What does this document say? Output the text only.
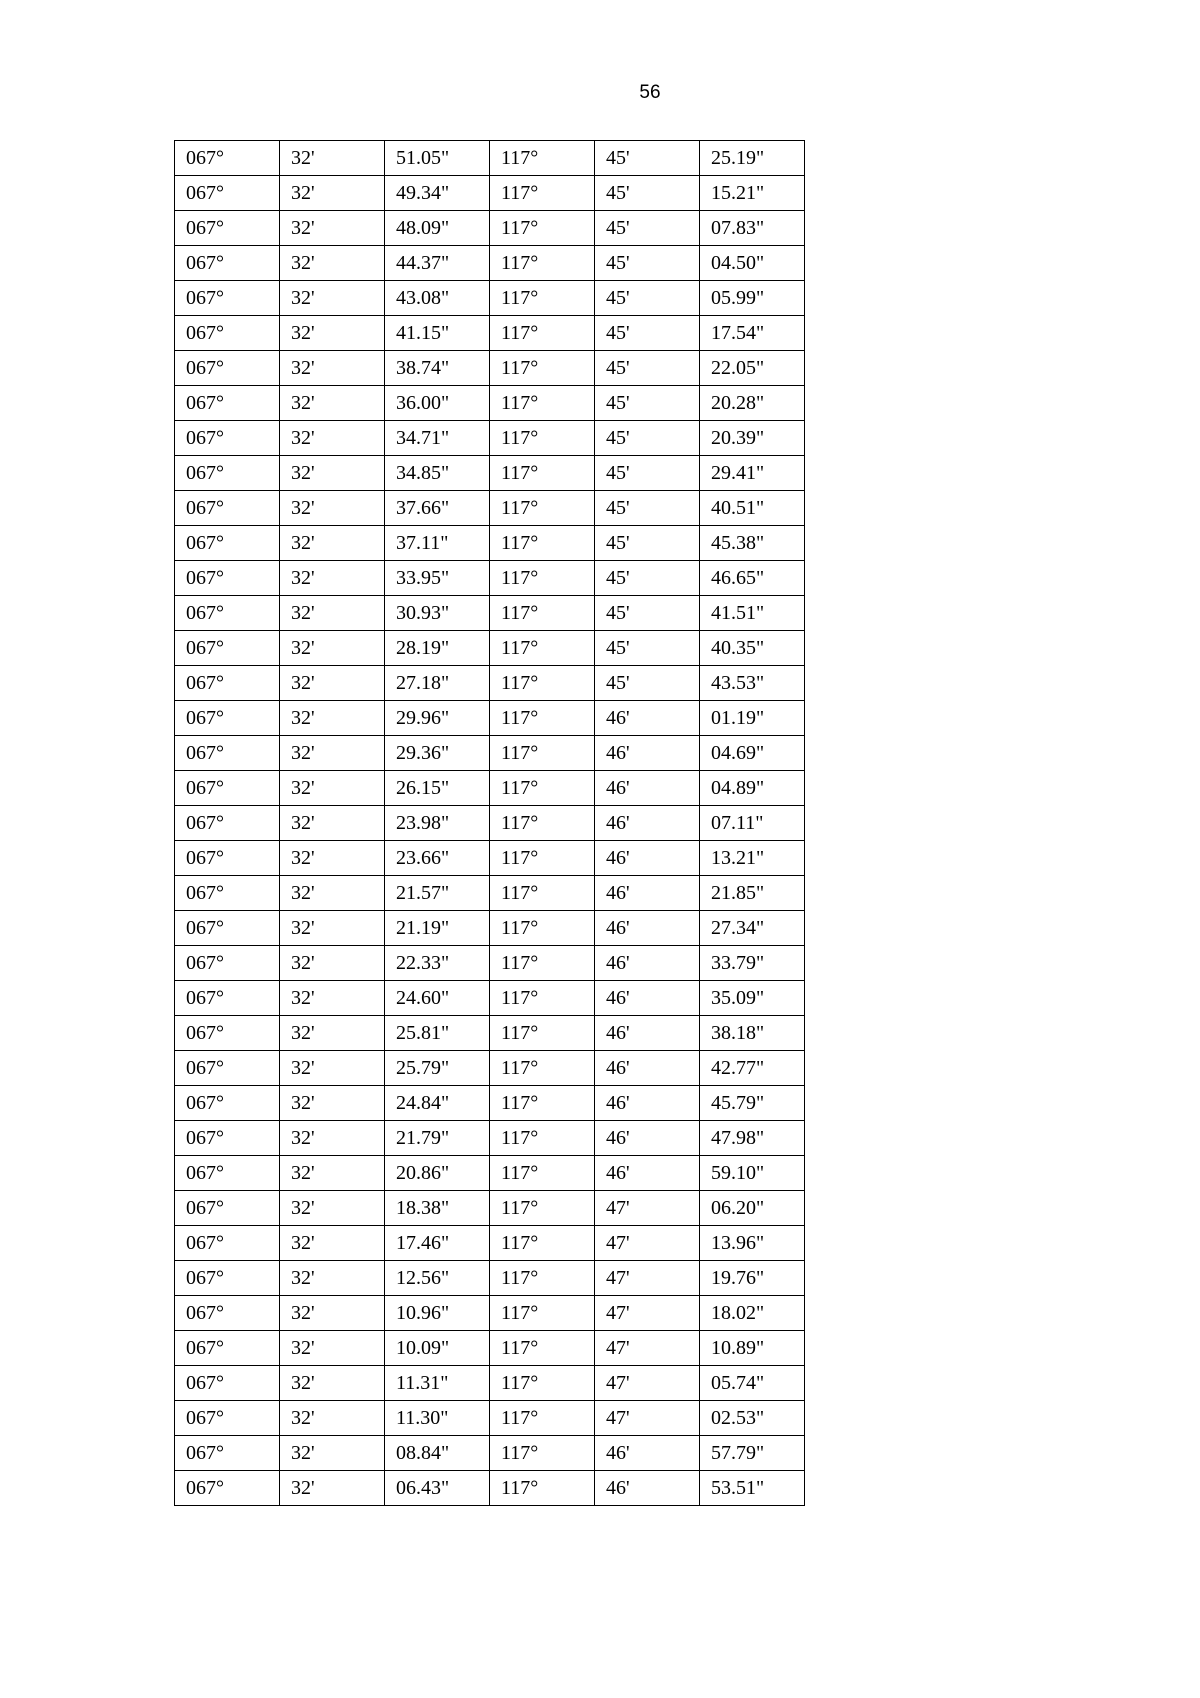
56
067°	32'	51.05"	117°	45'	25.19"
067°	32'	49.34"	117°	45'	15.21"
067°	32'	48.09"	117°	45'	07.83"
067°	32'	44.37"	117°	45'	04.50"
067°	32'	43.08"	117°	45'	05.99"
067°	32'	41.15"	117°	45'	17.54"
067°	32'	38.74"	117°	45'	22.05"
067°	32'	36.00"	117°	45'	20.28"
067°	32'	34.71"	117°	45'	20.39"
067°	32'	34.85"	117°	45'	29.41"
067°	32'	37.66"	117°	45'	40.51"
067°	32'	37.11"	117°	45'	45.38"
067°	32'	33.95"	117°	45'	46.65"
067°	32'	30.93"	117°	45'	41.51"
067°	32'	28.19"	117°	45'	40.35"
067°	32'	27.18"	117°	45'	43.53"
067°	32'	29.96"	117°	46'	01.19"
067°	32'	29.36"	117°	46'	04.69"
067°	32'	26.15"	117°	46'	04.89"
067°	32'	23.98"	117°	46'	07.11"
067°	32'	23.66"	117°	46'	13.21"
067°	32'	21.57"	117°	46'	21.85"
067°	32'	21.19"	117°	46'	27.34"
067°	32'	22.33"	117°	46'	33.79"
067°	32'	24.60"	117°	46'	35.09"
067°	32'	25.81"	117°	46'	38.18"
067°	32'	25.79"	117°	46'	42.77"
067°	32'	24.84"	117°	46'	45.79"
067°	32'	21.79"	117°	46'	47.98"
067°	32'	20.86"	117°	46'	59.10"
067°	32'	18.38"	117°	47'	06.20"
067°	32'	17.46"	117°	47'	13.96"
067°	32'	12.56"	117°	47'	19.76"
067°	32'	10.96"	117°	47'	18.02"
067°	32'	10.09"	117°	47'	10.89"
067°	32'	11.31"	117°	47'	05.74"
067°	32'	11.30"	117°	47'	02.53"
067°	32'	08.84"	117°	46'	57.79"
067°	32'	06.43"	117°	46'	53.51"
